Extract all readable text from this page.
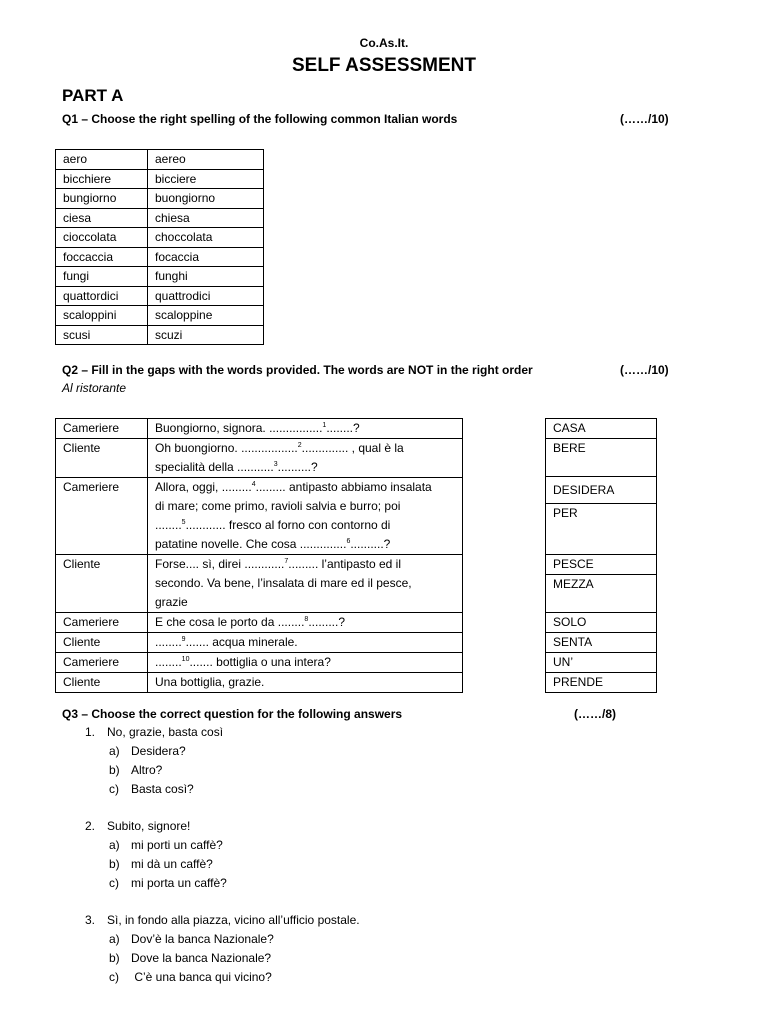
Co.As.It.
SELF ASSESSMENT
PART A
Q1 – Choose the right spelling of the following common Italian words	(……/10)
aero	aereo
bicchiere	bicciere
bungiorno	buongiorno
ciesa	chiesa
cioccolata	choccolata
foccaccia	focaccia
fungi	funghi
quattordici	quattrodici
scaloppini	scaloppine
scusi	scuzi
Q2 – Fill in the gaps with the words provided. The words are NOT in the right order	(……/10)
Al ristorante
Cameriere	Buongiorno, signora. ................$^1$........?
Cliente	Oh buongiorno. .................$^2$.............. , qual è la
specialità della ...........$^3$..........?
Cameriere	Allora, oggi, .........$^4$......... antipasto abbiamo insalata
di mare; come primo, ravioli salvia e burro; poi
........$^5$............ fresco al forno con contorno di
patatine novelle. Che cosa ..............$^6$..........?
Cliente	Forse.... sì, direi ............$^7$......... l’antipasto ed il
secondo. Va bene, l’insalata di mare ed il pesce,
grazie
Cameriere	E che cosa le porto da ........$^8$.........?
Cliente	........$^9$....... acqua minerale.
Cameriere	........$^{10}$....... bottiglia o una intera?
Cliente	Una bottiglia, grazie.
CASA
BERE
DESIDERA
PER
PESCE
MEZZA
SOLO
SENTA
UN’
PRENDE
Q3 – Choose the correct question for the following answers	(……/8)
1. No, grazie, basta così
a) Desidera?
b) Altro?
c) Basta così?
2. Subito, signore!
a) mi porti un caffè?
b) mi dà un caffè?
c) mi porta un caffè?
3. Sì, in fondo alla piazza, vicino all’ufficio postale.
a) Dov’è la banca Nazionale?
b) Dove la banca Nazionale?
c) C’è una banca qui vicino?
